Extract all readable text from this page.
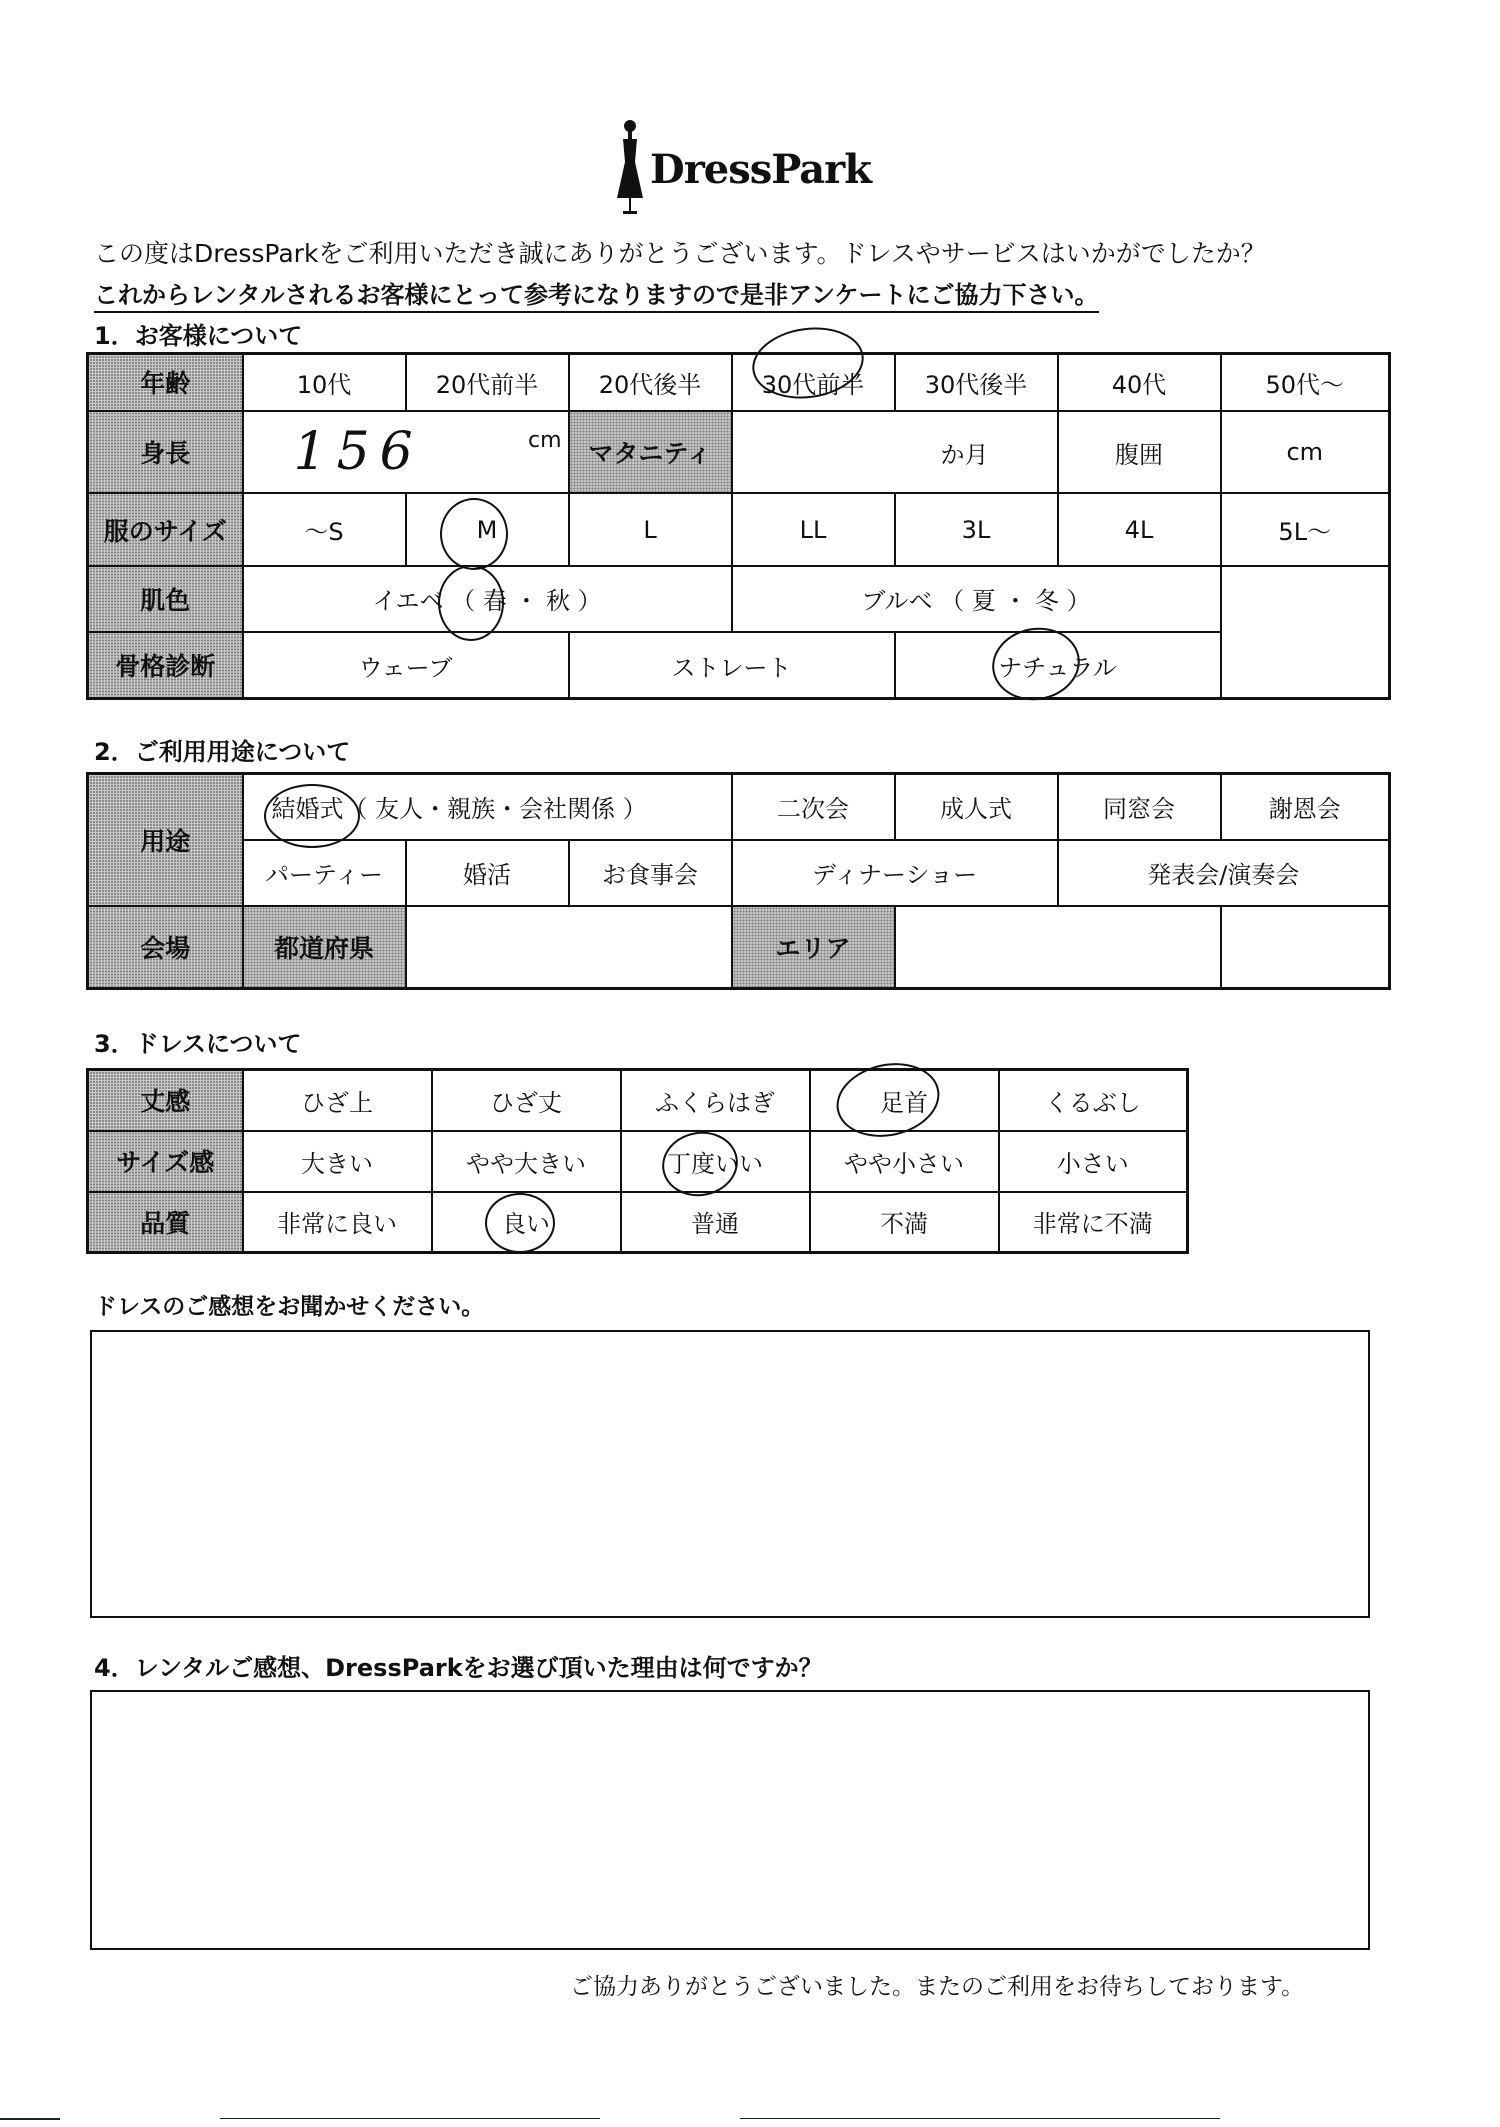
DressPark
この度はDressParkをご利用いただき誠にありがとうございます。ドレスやサービスはいかがでしたか？
これからレンタルされるお客様にとって参考になりますので是非アンケートにご協力下さい。
1．お客様について
年齢	10代	20代前半	20代後半	30代前半	30代後半	40代	50代～
身長	156 cm		マタニティ	か月		腹囲	cm
服のサイズ	～S	M	L	LL	3L	4L	5L～
肌色	イエベ （ 春 ・ 秋 ）			ブルベ （ 夏 ・ 冬 ）			
骨格診断	ウェーブ		ストレート		ナチュラル		
2．ご利用用途について
用途	結婚式（ 友人・親族・会社関係 ）			二次会	成人式	同窓会	謝恩会
	パーティー	婚活	お食事会	ディナーショー		発表会/演奏会	
会場	都道府県			エリア			
3．ドレスについて
丈感	ひざ上	ひざ丈	ふくらはぎ	足首	くるぶし
サイズ感	大きい	やや大きい	丁度いい	やや小さい	小さい
品質	非常に良い	良い	普通	不満	非常に不満
ドレスのご感想をお聞かせください。
4．レンタルご感想、DressParkをお選び頂いた理由は何ですか？
ご協力ありがとうございました。またのご利用をお待ちしております。
